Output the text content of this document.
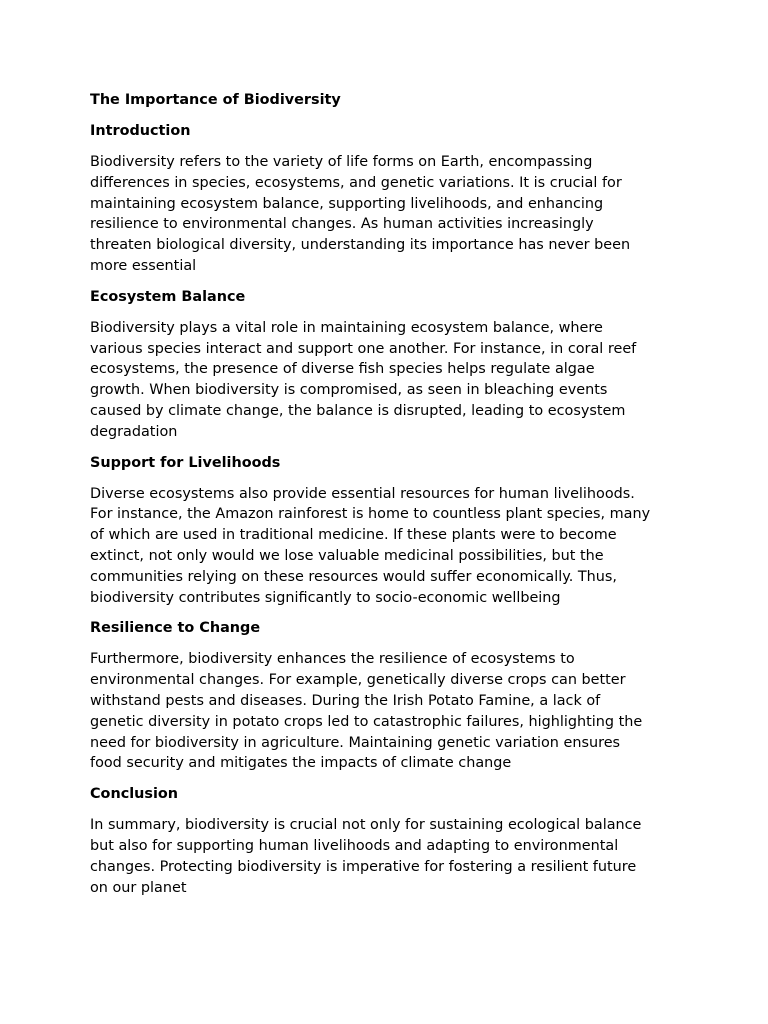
The Importance of Biodiversity
Introduction
Biodiversity refers to the variety of life forms on Earth, encompassing
differences in species, ecosystems, and genetic variations. It is crucial for
maintaining ecosystem balance, supporting livelihoods, and enhancing
resilience to environmental changes. As human activities increasingly
threaten biological diversity, understanding its importance has never been
more essential
Ecosystem Balance
Biodiversity plays a vital role in maintaining ecosystem balance, where
various species interact and support one another. For instance, in coral reef
ecosystems, the presence of diverse fish species helps regulate algae
growth. When biodiversity is compromised, as seen in bleaching events
caused by climate change, the balance is disrupted, leading to ecosystem
degradation
Support for Livelihoods
Diverse ecosystems also provide essential resources for human livelihoods.
For instance, the Amazon rainforest is home to countless plant species, many
of which are used in traditional medicine. If these plants were to become
extinct, not only would we lose valuable medicinal possibilities, but the
communities relying on these resources would suffer economically. Thus,
biodiversity contributes significantly to socio-economic wellbeing
Resilience to Change
Furthermore, biodiversity enhances the resilience of ecosystems to
environmental changes. For example, genetically diverse crops can better
withstand pests and diseases. During the Irish Potato Famine, a lack of
genetic diversity in potato crops led to catastrophic failures, highlighting the
need for biodiversity in agriculture. Maintaining genetic variation ensures
food security and mitigates the impacts of climate change
Conclusion
In summary, biodiversity is crucial not only for sustaining ecological balance
but also for supporting human livelihoods and adapting to environmental
changes. Protecting biodiversity is imperative for fostering a resilient future
on our planet
